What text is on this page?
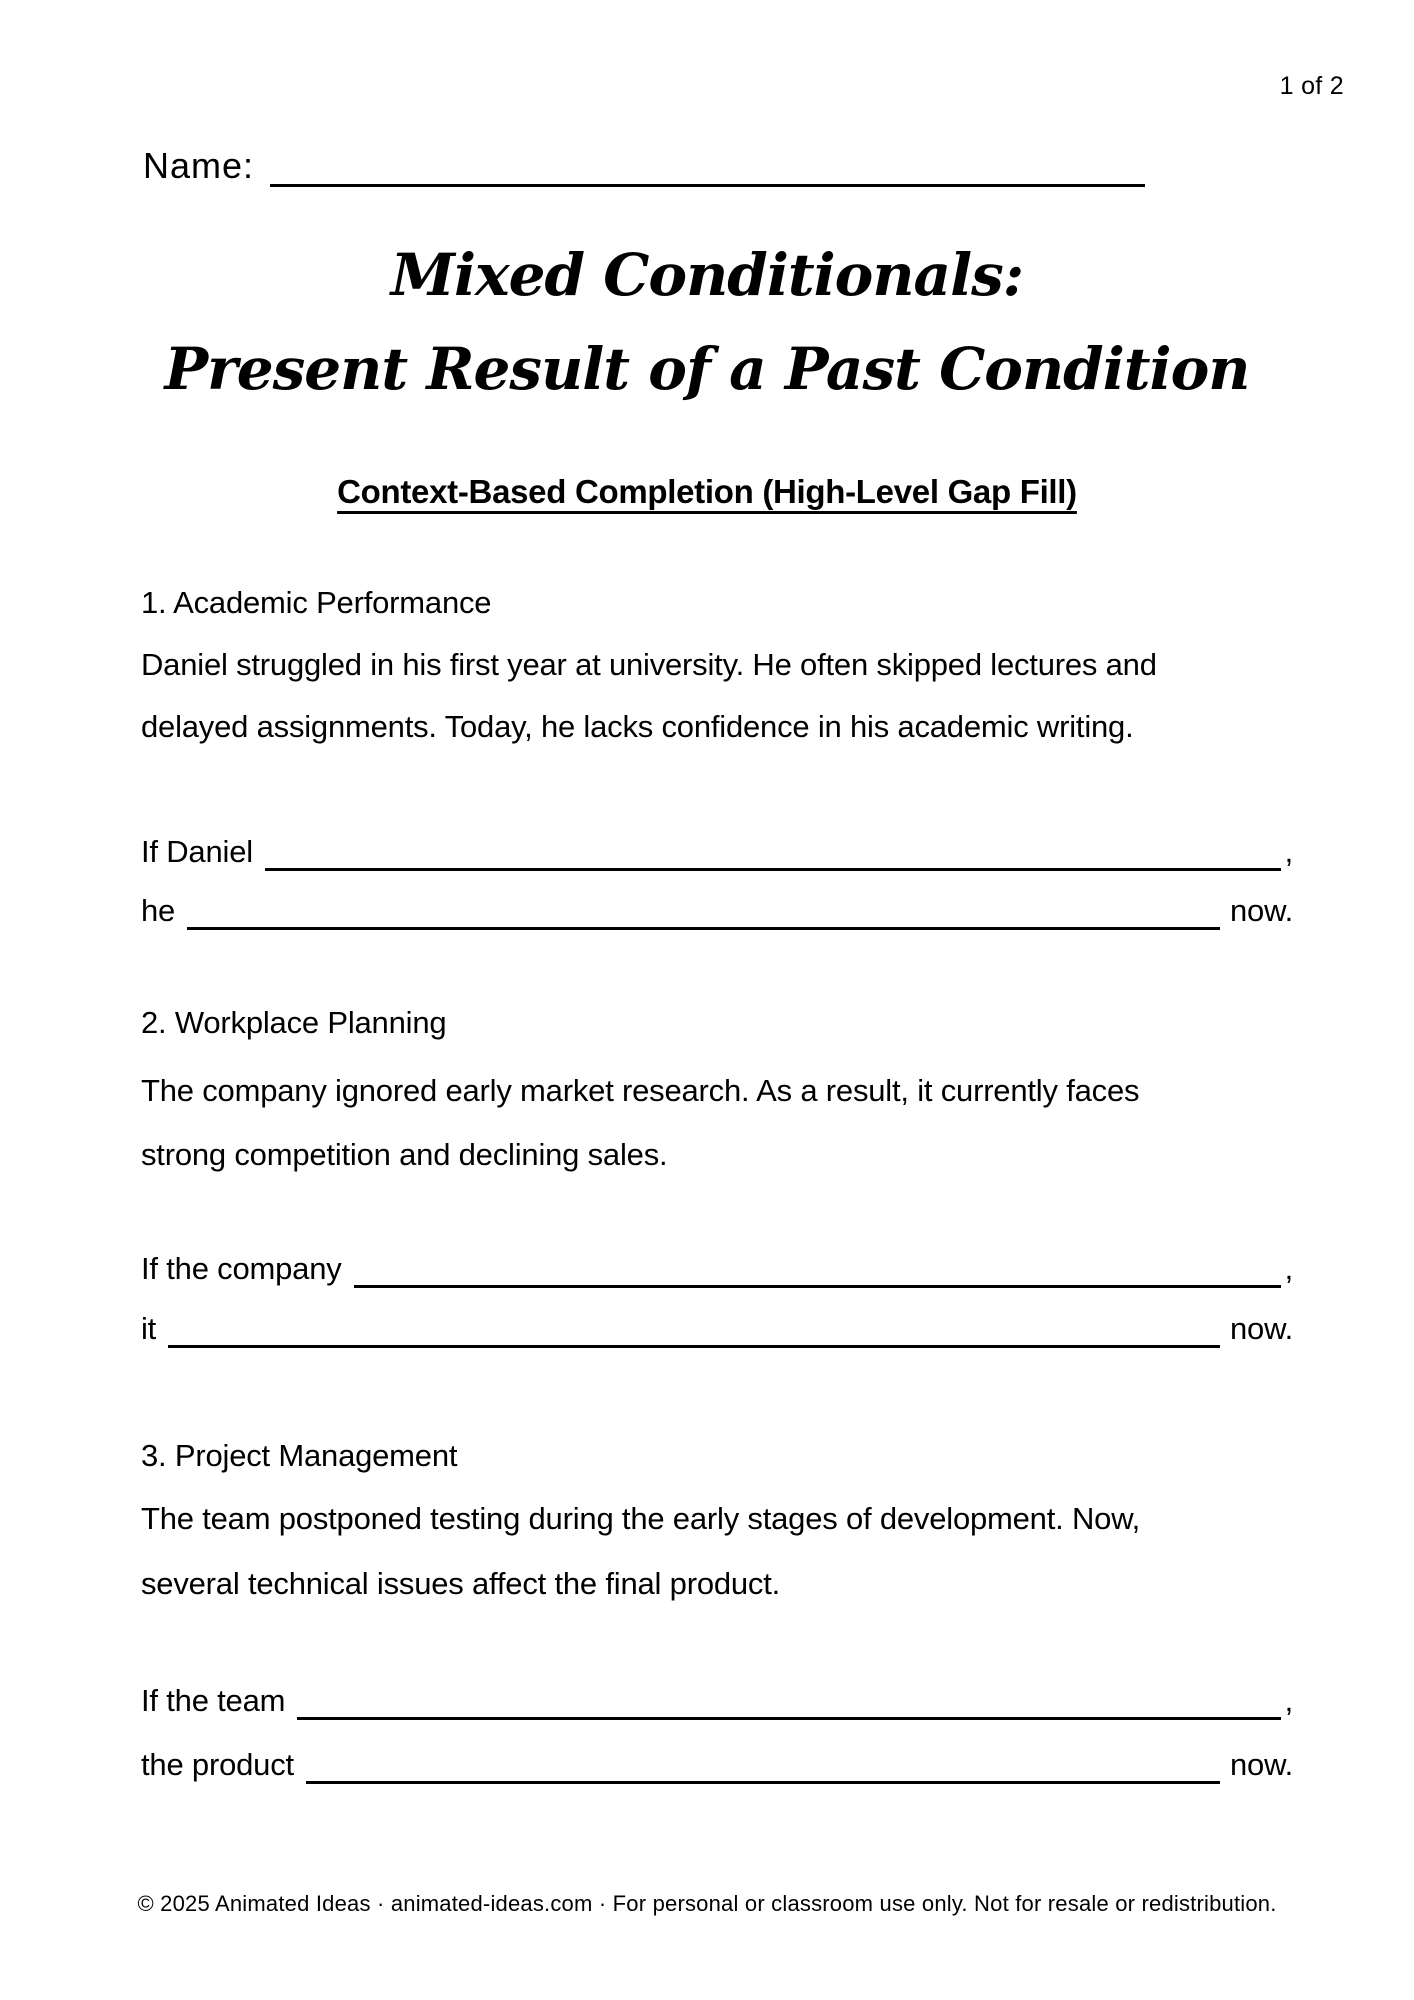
1 of 2
Name:
Mixed Conditionals:
Present Result of a Past Condition
Context-Based Completion (High-Level Gap Fill)
1. Academic Performance
Daniel struggled in his first year at university. He often skipped lectures and
delayed assignments. Today, he lacks confidence in his academic writing.
If Daniel	,
he	now.
2. Workplace Planning
The company ignored early market research. As a result, it currently faces
strong competition and declining sales.
If the company	,
it	now.
3. Project Management
The team postponed testing during the early stages of development. Now,
several technical issues affect the final product.
If the team	,
the product	now.
© 2025 Animated Ideas · animated-ideas.com · For personal or classroom use only. Not for resale or redistribution.
